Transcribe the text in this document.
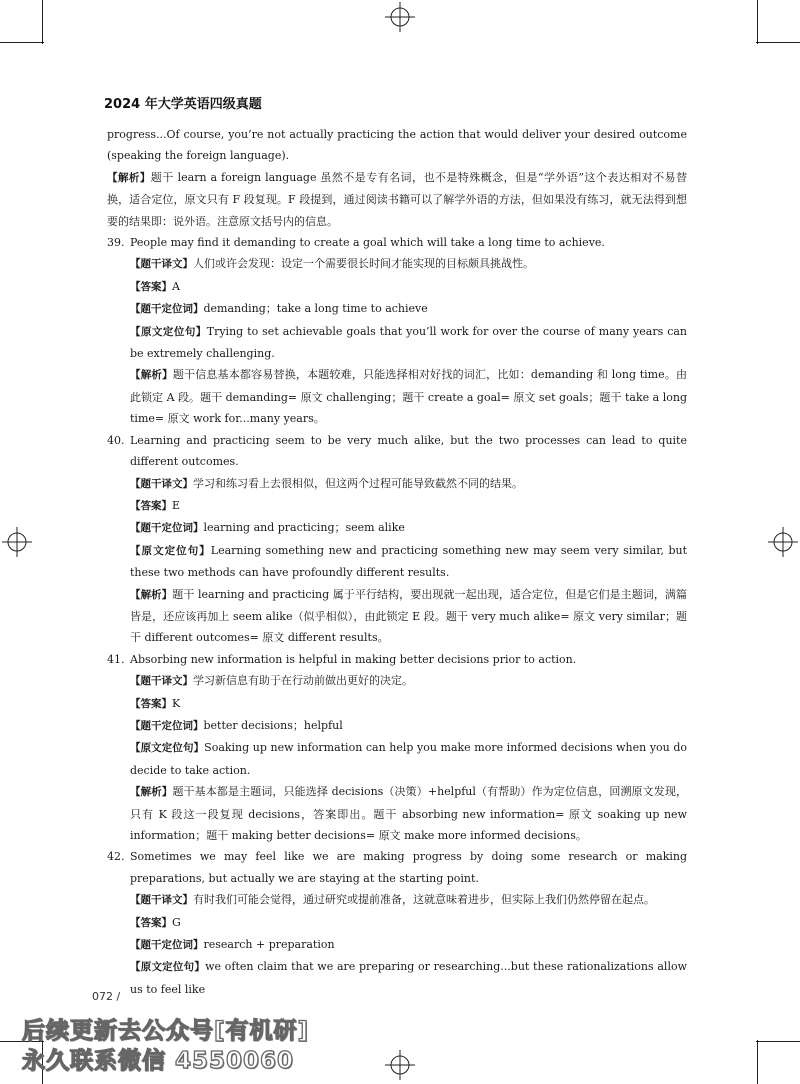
2024 年大学英语四级真题

progress...Of course, you’re not actually practicing the action that would deliver your desired outcome (speaking the foreign language).

【解析】题干 learn a foreign language 虽然不是专有名词，也不是特殊概念，但是“学外语”这个表达相对不易替换，适合定位，原文只有 F 段复现。F 段提到，通过阅读书籍可以了解学外语的方法，但如果没有练习，就无法得到想要的结果即：说外语。注意原文括号内的信息。

39. People may find it demanding to create a goal which will take a long time to achieve.

【题干译文】人们或许会发现：设定一个需要很长时间才能实现的目标颇具挑战性。

【答案】A

【题干定位词】demanding；take a long time to achieve

【原文定位句】Trying to set achievable goals that you’ll work for over the course of many years can be extremely challenging.

【解析】题干信息基本都容易替换，本题较难，只能选择相对好找的词汇，比如：demanding 和 long time。由此锁定 A 段。题干 demanding= 原文 challenging；题干 create a goal= 原文 set goals；题干 take a long time= 原文 work for...many years。

40. Learning and practicing seem to be very much alike, but the two processes can lead to quite different outcomes.

【题干译文】学习和练习看上去很相似，但这两个过程可能导致截然不同的结果。

【答案】E

【题干定位词】learning and practicing；seem alike

【原文定位句】Learning something new and practicing something new may seem very similar, but these two methods can have profoundly different results.

【解析】题干 learning and practicing 属于平行结构，要出现就一起出现，适合定位，但是它们是主题词，满篇皆是，还应该再加上 seem alike（似乎相似），由此锁定 E 段。题干 very much alike= 原文 very similar；题干 different outcomes= 原文 different results。

41. Absorbing new information is helpful in making better decisions prior to action.

【题干译文】学习新信息有助于在行动前做出更好的决定。

【答案】K

【题干定位词】better decisions；helpful

【原文定位句】Soaking up new information can help you make more informed decisions when you do decide to take action.

【解析】题干基本都是主题词，只能选择 decisions（决策）+helpful（有帮助）作为定位信息，回溯原文发现，只有 K 段这一段复现 decisions，答案即出。题干 absorbing new information= 原文 soaking up new information；题干 making better decisions= 原文 make more informed decisions。

42. Sometimes we may feel like we are making progress by doing some research or making preparations, but actually we are staying at the starting point.

【题干译文】有时我们可能会觉得，通过研究或提前准备，这就意味着进步，但实际上我们仍然停留在起点。

【答案】G

【题干定位词】research + preparation

【原文定位句】we often claim that we are preparing or researching...but these rationalizations allow us to feel like

072 /
后续更新去公众号[有机研]
永久联系微信 4550060
